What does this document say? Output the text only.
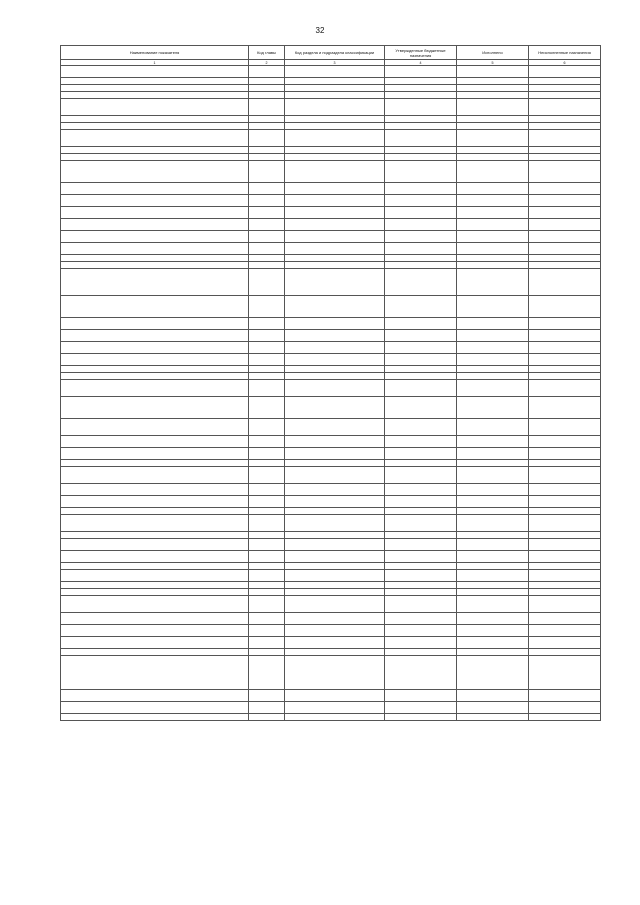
32
Наименование показателя	Код главы	Код раздела и подраздела классификации	Утвержденные бюджетные назначения	Исполнено	Неисполненные назначения
1	2	3	4	5	6
